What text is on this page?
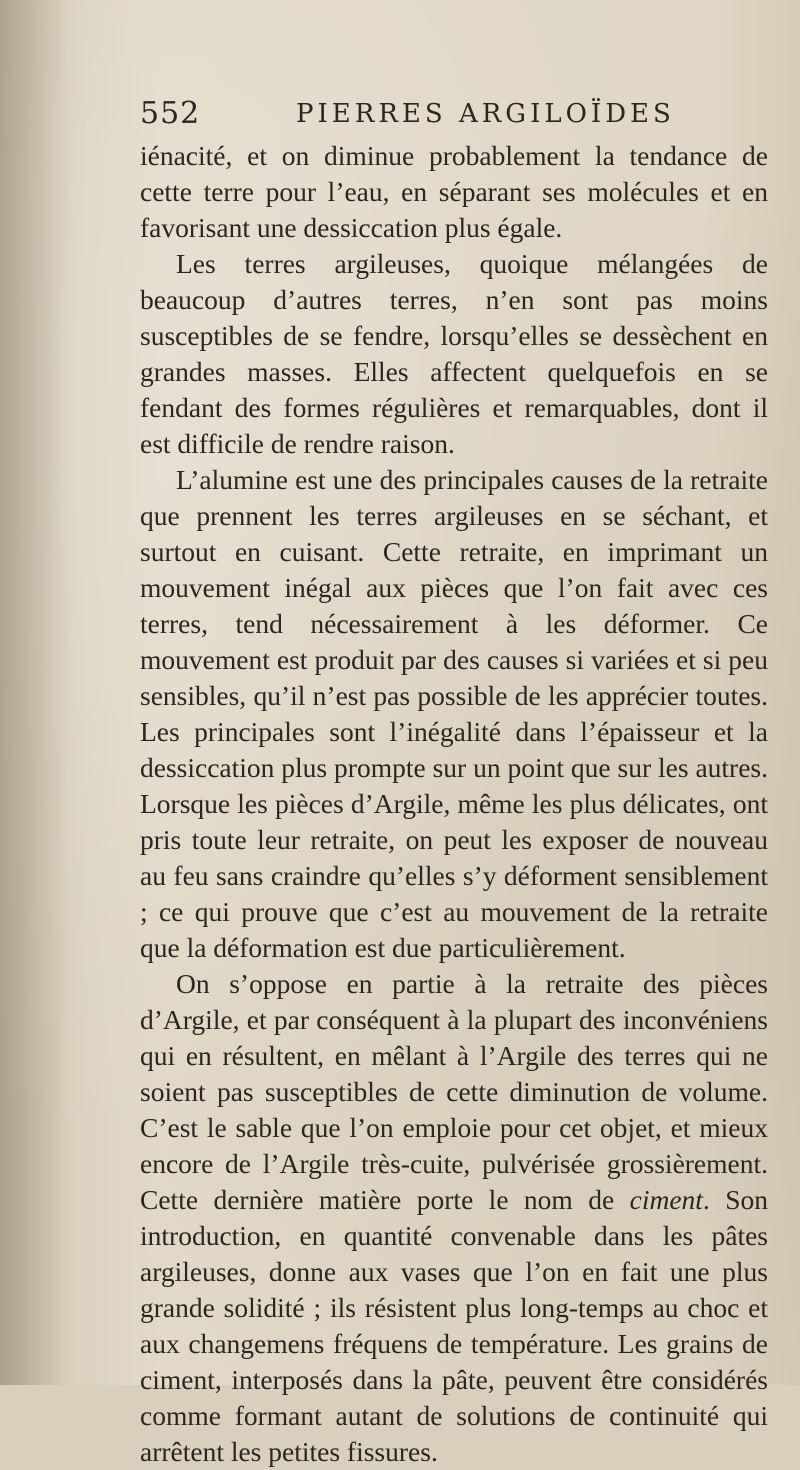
552	PIERRES ARGILOÏDES

iénacité, et on diminue probablement la tendance de cette terre pour l’eau, en séparant ses molécules et en favorisant une dessiccation plus égale.

Les terres argileuses, quoique mélangées de beaucoup d’autres terres, n’en sont pas moins susceptibles de se fendre, lorsqu’elles se dessèchent en grandes masses. Elles affectent quelquefois en se fendant des formes régulières et remarquables, dont il est difficile de rendre raison.

L’alumine est une des principales causes de la retraite que prennent les terres argileuses en se séchant, et surtout en cuisant. Cette retraite, en imprimant un mouvement inégal aux pièces que l’on fait avec ces terres, tend nécessairement à les déformer. Ce mouvement est produit par des causes si variées et si peu sensibles, qu’il n’est pas possible de les apprécier toutes. Les principales sont l’inégalité dans l’épaisseur et la dessiccation plus prompte sur un point que sur les autres. Lorsque les pièces d’Argile, même les plus délicates, ont pris toute leur retraite, on peut les exposer de nouveau au feu sans craindre qu’elles s’y déforment sensiblement ; ce qui prouve que c’est au mouvement de la retraite que la déformation est due particulièrement.

On s’oppose en partie à la retraite des pièces d’Argile, et par conséquent à la plupart des inconvéniens qui en résultent, en mêlant à l’Argile des terres qui ne soient pas susceptibles de cette diminution de volume. C’est le sable que l’on emploie pour cet objet, et mieux encore de l’Argile très-cuite, pulvérisée grossièrement. Cette dernière matière porte le nom de ciment. Son introduction, en quantité convenable dans les pâtes argileuses, donne aux vases que l’on en fait une plus grande solidité ; ils résistent plus long-temps au choc et aux changemens fréquens de température. Les grains de ciment, interposés dans la pâte, peuvent être considérés comme formant autant de solutions de continuité qui arrêtent les petites fissures.
